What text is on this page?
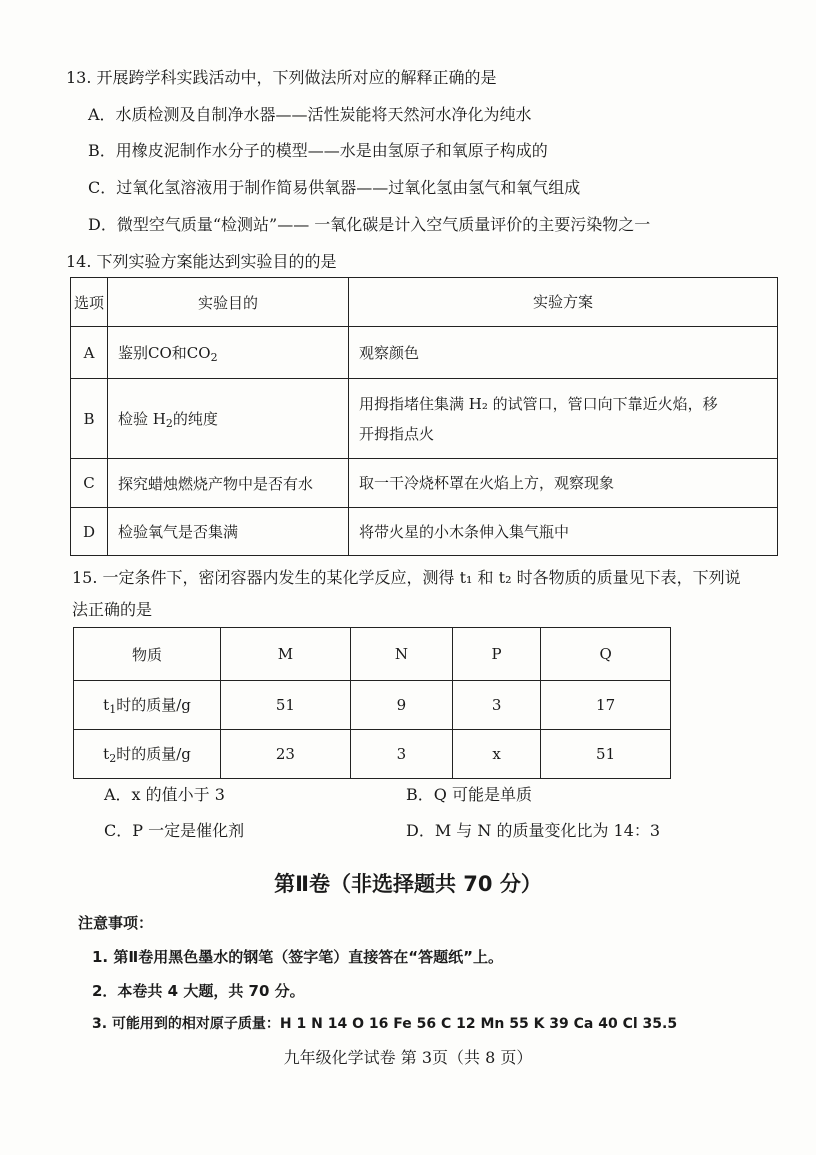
13. 开展跨学科实践活动中，下列做法所对应的解释正确的是
A．水质检测及自制净水器——活性炭能将天然河水净化为纯水
B．用橡皮泥制作水分子的模型——水是由氢原子和氧原子构成的
C．过氧化氢溶液用于制作简易供氧器——过氧化氢由氢气和氧气组成
D．微型空气质量“检测站”—— 一氧化碳是计入空气质量评价的主要污染物之一
14. 下列实验方案能达到实验目的的是
选项	实验目的	实验方案
A	鉴别CO和$CO_2$	观察颜色
B	检验 $H_2$的纯度	用拇指堵住集满 H₂ 的试管口，管口向下靠近火焰，移
开拇指点火
C	探究蜡烛燃烧产物中是否有水	取一干冷烧杯罩在火焰上方，观察现象
D	检验氧气是否集满	将带火星的小木条伸入集气瓶中
15. 一定条件下，密闭容器内发生的某化学反应，测得 t₁ 和 t₂ 时各物质的质量见下表，下列说
法正确的是
物质	M	N	P	Q
$t_1$时的质量/g	51	9	3	17
$t_2$时的质量/g	23	3	x	51
A．x 的值小于 3	B．Q 可能是单质
C．P 一定是催化剂	D．M 与 N 的质量变化比为 14：3
第Ⅱ卷（非选择题共 70 分）
注意事项：
1. 第Ⅱ卷用黑色墨水的钢笔（签字笔）直接答在“答题纸”上。
2．本卷共 4 大题，共 70 分。
3. 可能用到的相对原子质量：H 1 N 14 O 16 Fe 56 C 12 Mn 55 K 39 Ca 40 Cl 35.5
九年级化学试卷 第 3页（共 8 页）
